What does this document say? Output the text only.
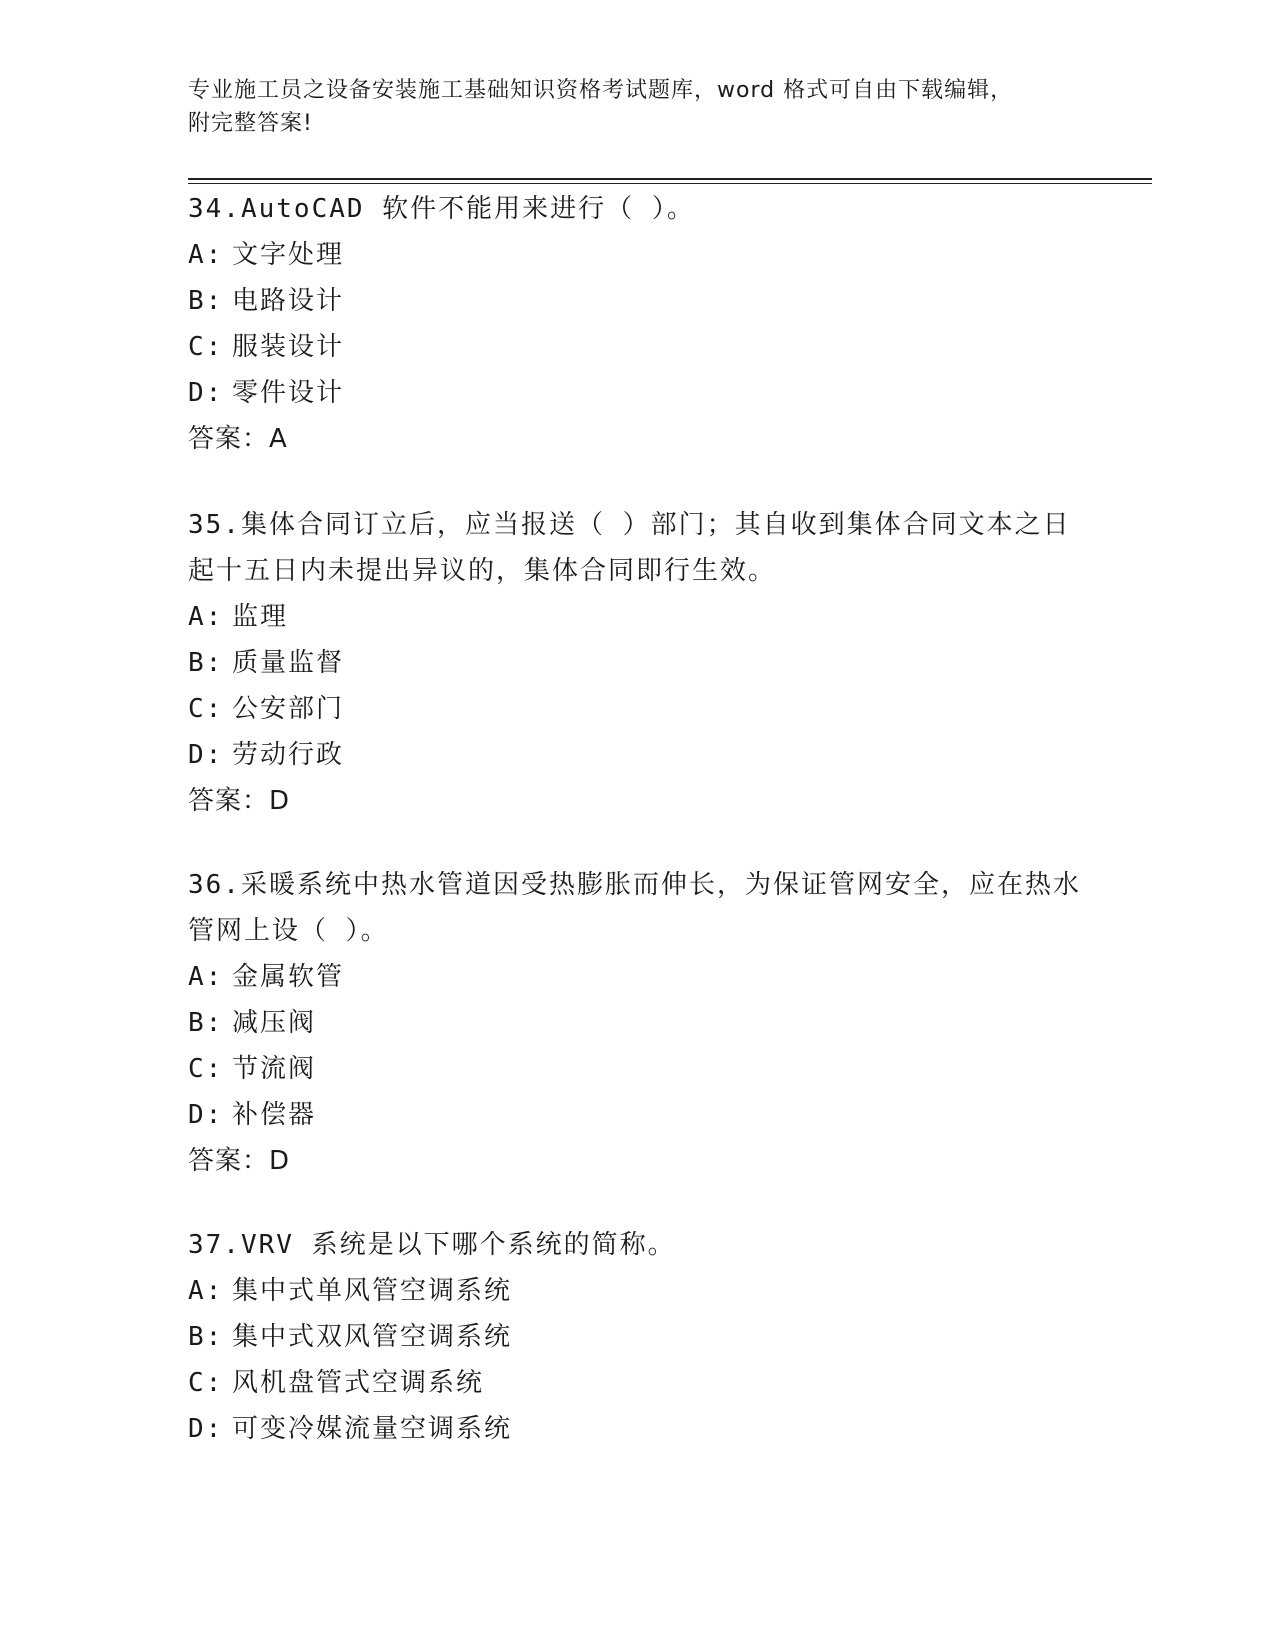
专业施工员之设备安装施工基础知识资格考试题库，word 格式可自由下载编辑，
附完整答案!

34.AutoCAD 软件不能用来进行（ ）。

A: 文字处理

B: 电路设计

C: 服装设计

D: 零件设计

答案：A

35.集体合同订立后，应当报送（ ）部门；其自收到集体合同文本之日起十五日内未提出异议的，集体合同即行生效。

A: 监理

B: 质量监督

C: 公安部门

D: 劳动行政

答案：D

36.采暖系统中热水管道因受热膨胀而伸长，为保证管网安全，应在热水管网上设（ ）。

A: 金属软管

B: 减压阀

C: 节流阀

D: 补偿器

答案：D

37.VRV 系统是以下哪个系统的简称。

A: 集中式单风管空调系统

B: 集中式双风管空调系统

C: 风机盘管式空调系统

D: 可变冷媒流量空调系统
